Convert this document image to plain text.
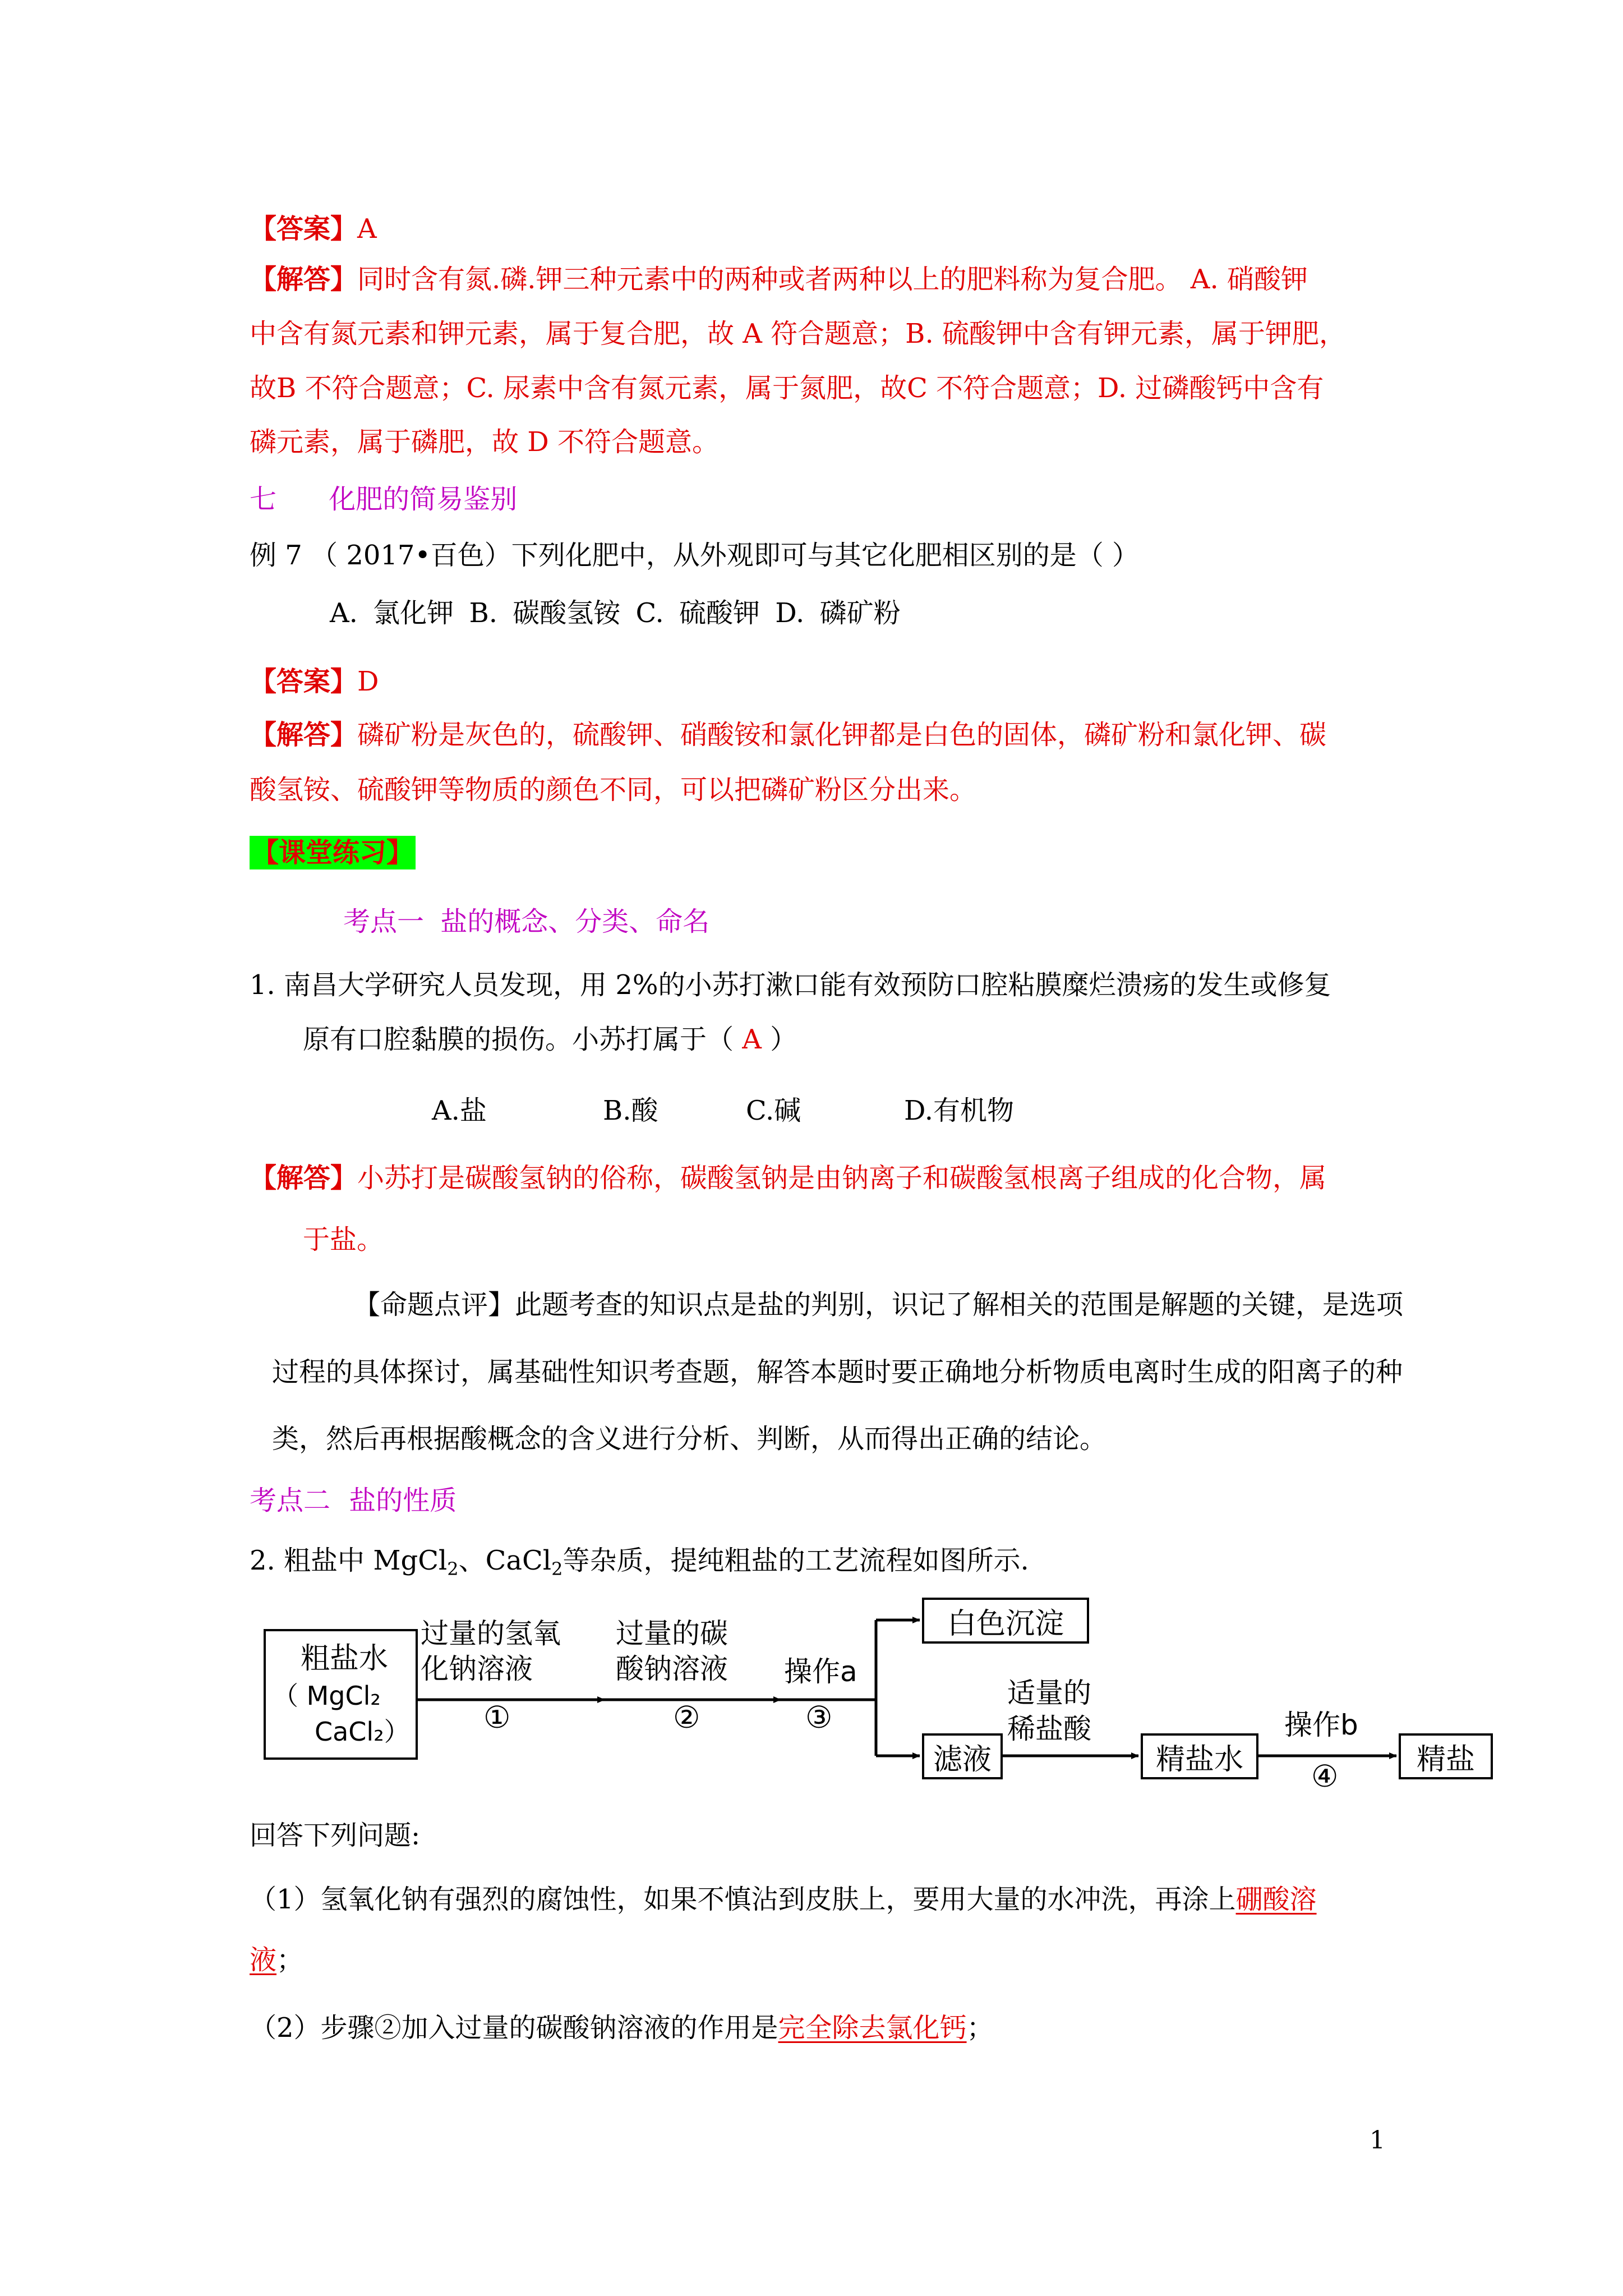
【答案】A
【解答】同时含有氮.磷.钾三种元素中的两种或者两种以上的肥料称为复合肥。 A. 硝酸钾
中含有氮元素和钾元素，属于复合肥，故 A 符合题意；B. 硫酸钾中含有钾元素，属于钾肥，
故B 不符合题意；C. 尿素中含有氮元素，属于氮肥，故C 不符合题意；D. 过磷酸钙中含有
磷元素，属于磷肥，故 D 不符合题意。
七 化肥的简易鉴别
例 7 （ 2017•百色）下列化肥中，从外观即可与其它化肥相区别的是（ ）
A. 氯化钾 B. 碳酸氢铵 C. 硫酸钾 D. 磷矿粉
【答案】D
【解答】磷矿粉是灰色的，硫酸钾、硝酸铵和氯化钾都是白色的固体，磷矿粉和氯化钾、碳
酸氢铵、硫酸钾等物质的颜色不同，可以把磷矿粉区分出来。
【课堂练习】
考点一 盐的概念、分类、命名
1. 南昌大学研究人员发现，用 2%的小苏打漱口能有效预防口腔粘膜糜烂溃疡的发生或修复
原有口腔黏膜的损伤。小苏打属于（ A ）
A.盐	B.酸	C.碱	D.有机物
【解答】小苏打是碳酸氢钠的俗称，碳酸氢钠是由钠离子和碳酸氢根离子组成的化合物，属
于盐。
【命题点评】此题考查的知识点是盐的判别，识记了解相关的范围是解题的关键，是选项
过程的具体探讨，属基础性知识考查题，解答本题时要正确地分析物质电离时生成的阳离子的种
类，然后再根据酸概念的含义进行分析、判断，从而得出正确的结论。
考点二 盐的性质
2. 粗盐中 MgCl$_2$、CaCl$_2$等杂质，提纯粗盐的工艺流程如图所示.
粗盐水
（ MgCl₂
CaCl₂）
过量的氢氧
化钠溶液
①
过量的碳
酸钠溶液
②
操作a
③
白色沉淀
滤液
适量的
稀盐酸
精盐水
操作b
④	精盐
回答下列问题:
（1）氢氧化钠有强烈的腐蚀性，如果不慎沾到皮肤上，要用大量的水冲洗，再涂上硼酸溶
液；
（2）步骤②加入过量的碳酸钠溶液的作用是完全除去氯化钙；
1
